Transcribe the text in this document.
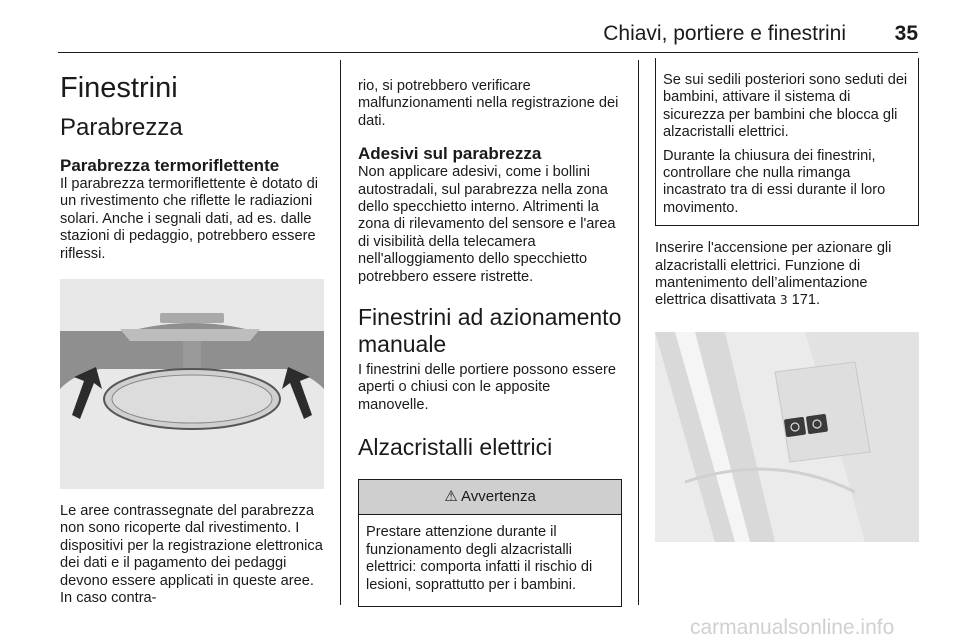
Chiavi, portiere e finestrini 35
Finestrini
Parabrezza
Parabrezza termoriflettente

Il parabrezza termoriflettente è dotato di un rivestimento che riflette le radiazioni solari. Anche i segnali dati, ad es. dalle stazioni di pedaggio, potrebbero essere riflessi.

Le aree contrassegnate del parabrezza non sono ricoperte dal rivestimento. I dispositivi per la registrazione elettronica dei dati e il pagamento dei pedaggi devono essere applicati in queste aree. In caso contra-

rio, si potrebbero verificare malfunzionamenti nella registrazione dei dati.

Adesivi sul parabrezza

Non applicare adesivi, come i bollini autostradali, sul parabrezza nella zona dello specchietto interno. Altrimenti la zona di rilevamento del sensore e l'area di visibilità della telecamera nell'alloggiamento dello specchietto potrebbero essere ristrette.

Finestrini ad azionamento manuale

I finestrini delle portiere possono essere aperti o chiusi con le apposite manovelle.

Alzacristalli elettrici
⚠ Avvertenza

Prestare attenzione durante il funzionamento degli alzacristalli elettrici: comporta infatti il rischio di lesioni, soprattutto per i bambini.

Se sui sedili posteriori sono seduti dei bambini, attivare il sistema di sicurezza per bambini che blocca gli alzacristalli elettrici.

Durante la chiusura dei finestrini, controllare che nulla rimanga incastrato tra di essi durante il loro movimento.

Inserire l'accensione per azionare gli alzacristalli elettrici. Funzione di mantenimento dell’alimentazione elettrica disattivata 3 171.

carmanualsonline.info
